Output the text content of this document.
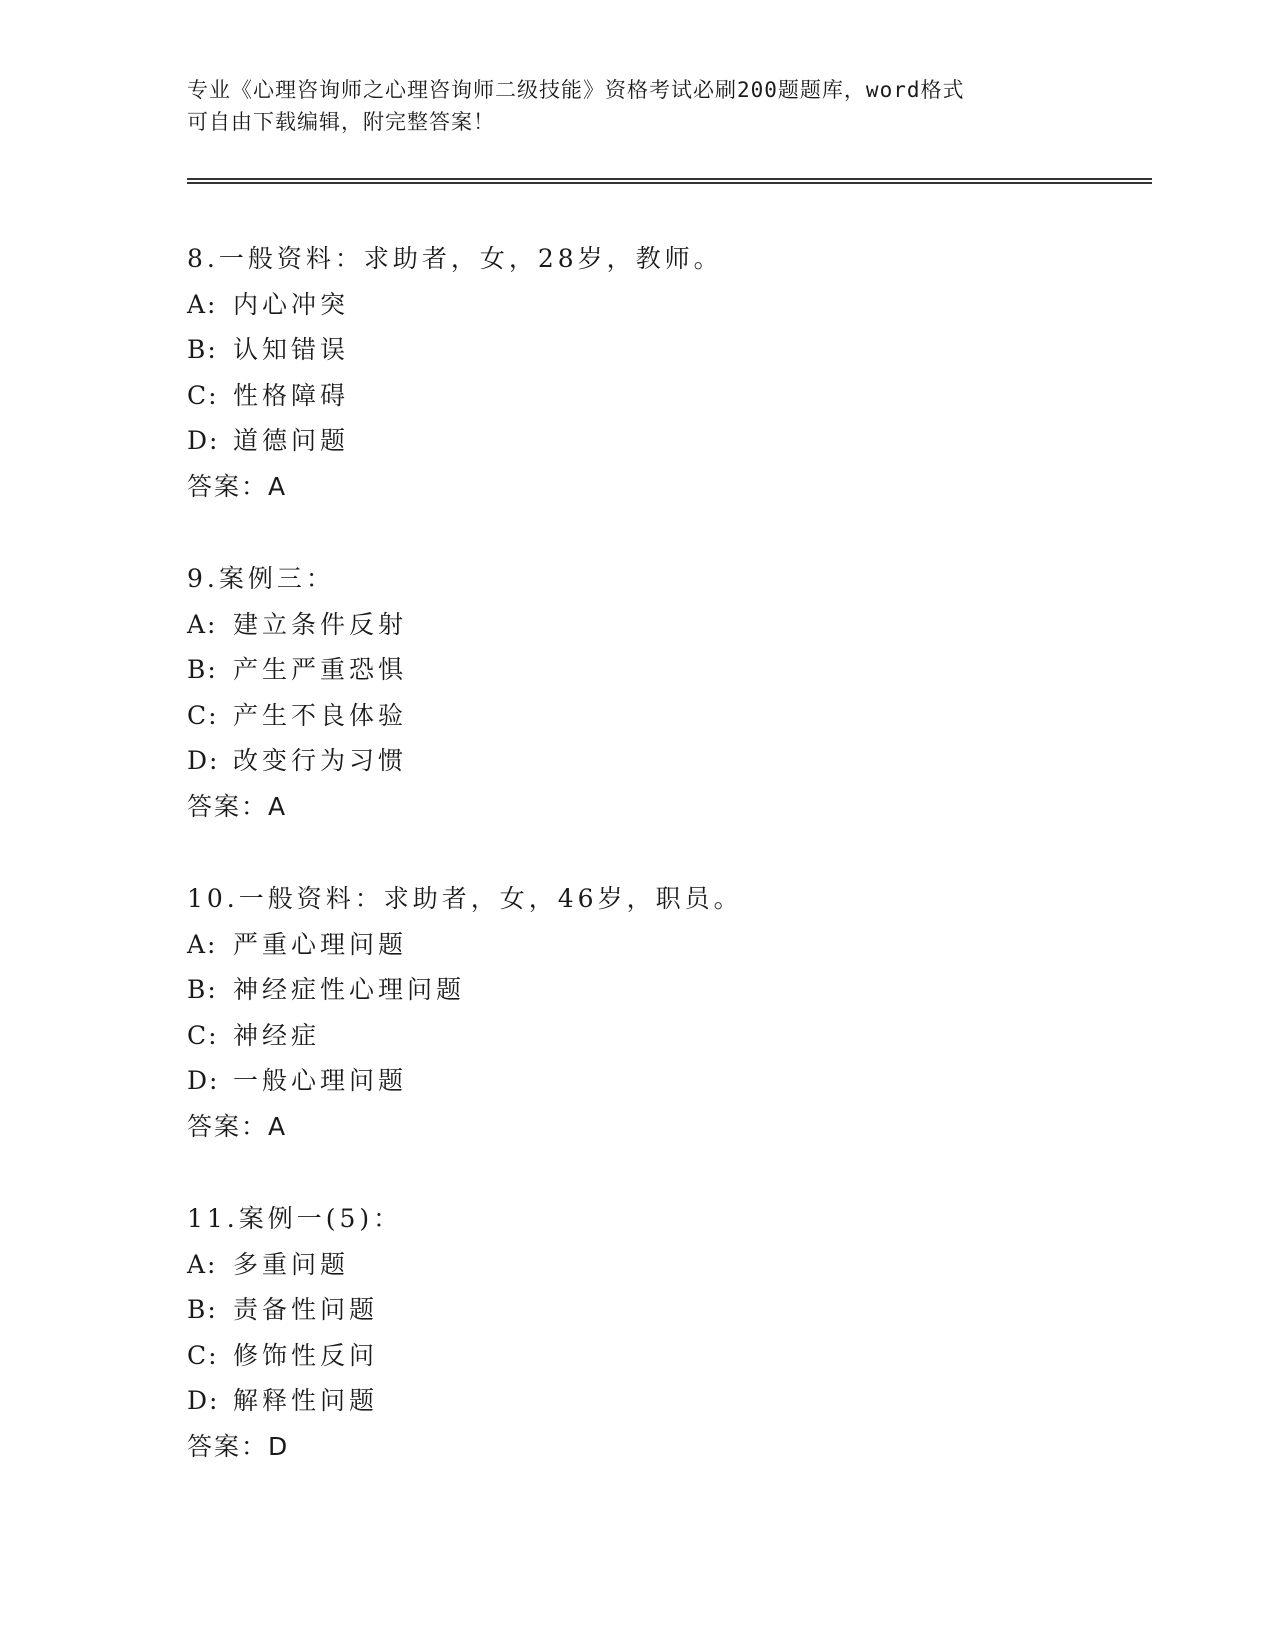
专业《心理咨询师之心理咨询师二级技能》资格考试必刷200题题库，word格式
可自由下载编辑，附完整答案！
8.一般资料：求助者，女，28岁，教师。
A: 内心冲突
B: 认知错误
C: 性格障碍
D: 道德问题
答案：A
9.案例三：
A: 建立条件反射
B: 产生严重恐惧
C: 产生不良体验
D: 改变行为习惯
答案：A
10.一般资料：求助者，女，46岁，职员。
A: 严重心理问题
B: 神经症性心理问题
C: 神经症
D: 一般心理问题
答案：A
11.案例一(5)：
A: 多重问题
B: 责备性问题
C: 修饰性反问
D: 解释性问题
答案：D
